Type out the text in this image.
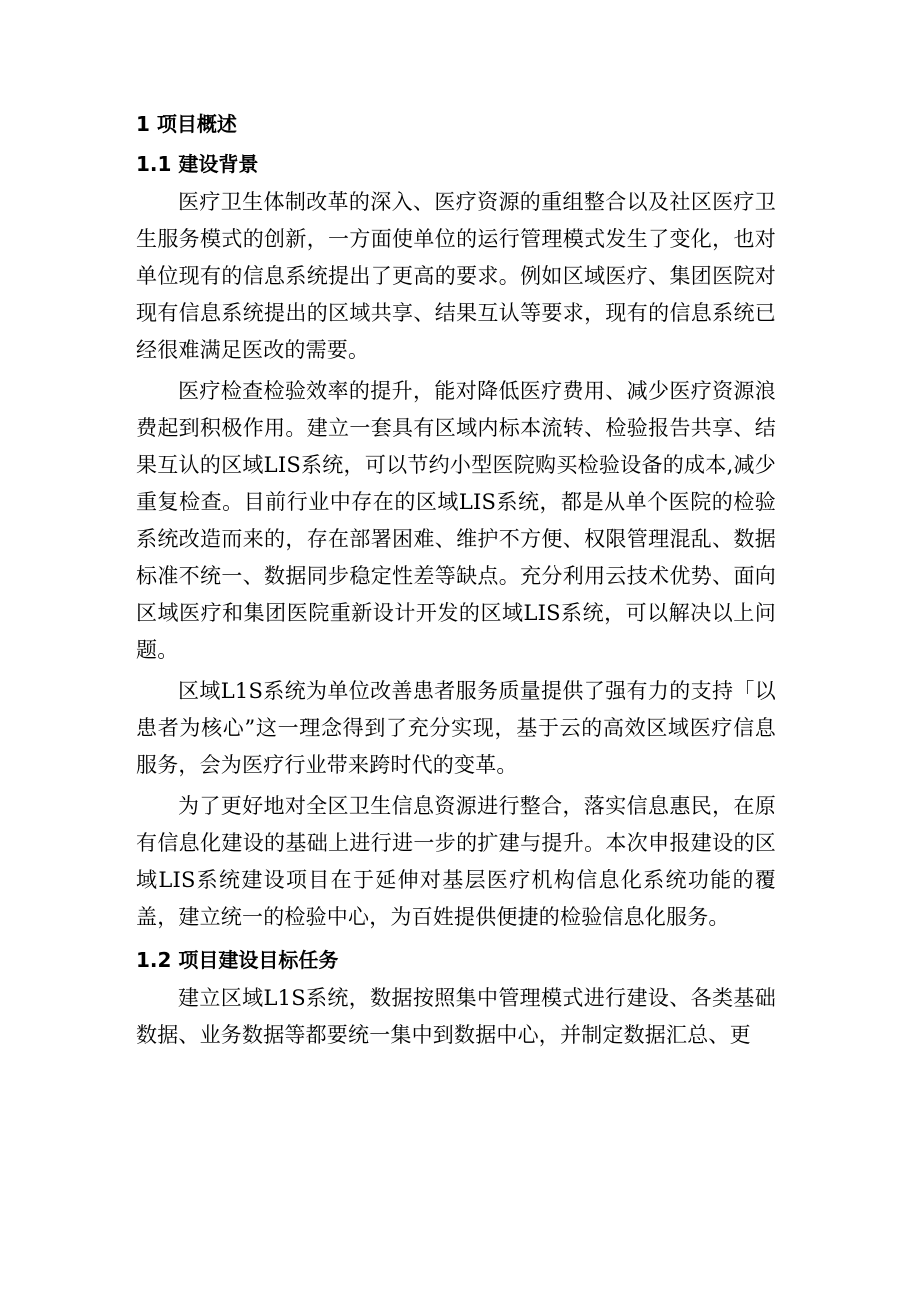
1 项目概述
1.1 建设背景

医疗卫生体制改革的深入、医疗资源的重组整合以及社区医疗卫生服务模式的创新，一方面使单位的运行管理模式发生了变化，也对单位现有的信息系统提出了更高的要求。例如区域医疗、集团医院对现有信息系统提出的区域共享、结果互认等要求，现有的信息系统已经很难满足医改的需要。

医疗检查检验效率的提升，能对降低医疗费用、减少医疗资源浪费起到积极作用。建立一套具有区域内标本流转、检验报告共享、结果互认的区域LIS系统，可以节约小型医院购买检验设备的成本,减少重复检查。目前行业中存在的区域LIS系统，都是从单个医院的检验系统改造而来的，存在部署困难、维护不方便、权限管理混乱、数据标准不统一、数据同步稳定性差等缺点。充分利用云技术优势、面向区域医疗和集团医院重新设计开发的区域LIS系统，可以解决以上问题。

区域L1S系统为单位改善患者服务质量提供了强有力的支持「以患者为核心”这一理念得到了充分实现，基于云的高效区域医疗信息服务，会为医疗行业带来跨时代的变革。

为了更好地对全区卫生信息资源进行整合，落实信息惠民，在原有信息化建设的基础上进行进一步的扩建与提升。本次申报建设的区域LIS系统建设项目在于延伸对基层医疗机构信息化系统功能的覆盖，建立统一的检验中心，为百姓提供便捷的检验信息化服务。

1.2 项目建设目标任务

建立区域L1S系统，数据按照集中管理模式进行建设、各类基础数据、业务数据等都要统一集中到数据中心，并制定数据汇总、更
